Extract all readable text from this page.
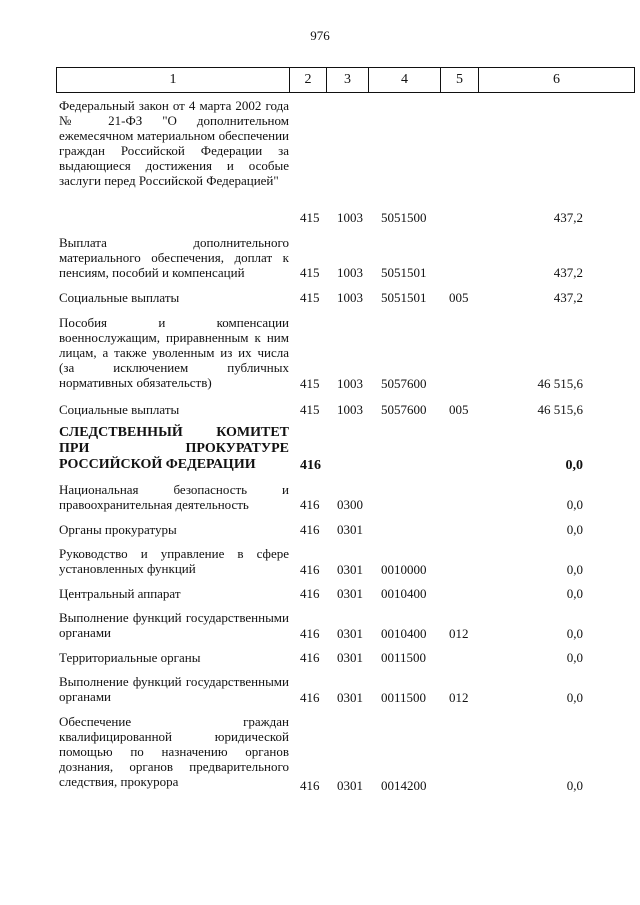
976
1	2	3	4	5	6
Федеральный закон от 4 марта 2002 года № 21-ФЗ "О дополнительном ежемесячном материальном обеспечении граждан Российской Федерации за выдающиеся достижения и особые заслуги перед Российской Федерацией"
415 1003 5051500	437,2
Выплата дополнительного материального обеспечения, доплат к пенсиям, пособий и компенсаций	415 1003 5051501	437,2
Социальные выплаты	415 1003 5051501 005	437,2
Пособия и компенсации военнослужащим, приравненным к ним лицам, а также уволенным из их числа (за исключением публичных нормативных обязательств)	415 1003 5057600	46 515,6
Социальные выплаты	415 1003 5057600 005	46 515,6
СЛЕДСТВЕННЫЙ КОМИТЕТ ПРИ ПРОКУРАТУРЕ РОССИЙСКОЙ ФЕДЕРАЦИИ	416	0,0
Национальная безопасность и правоохранительная деятельность	416 0300	0,0
Органы прокуратуры	416 0301	0,0
Руководство и управление в сфере установленных функций	416 0301 0010000	0,0
Центральный аппарат	416 0301 0010400	0,0
Выполнение функций государственными органами	416 0301 0010400 012	0,0
Территориальные органы	416 0301 0011500	0,0
Выполнение функций государственными органами	416 0301 0011500 012	0,0
Обеспечение граждан квалифицированной юридической помощью по назначению органов дознания, органов предварительного следствия, прокурора	416 0301 0014200	0,0
